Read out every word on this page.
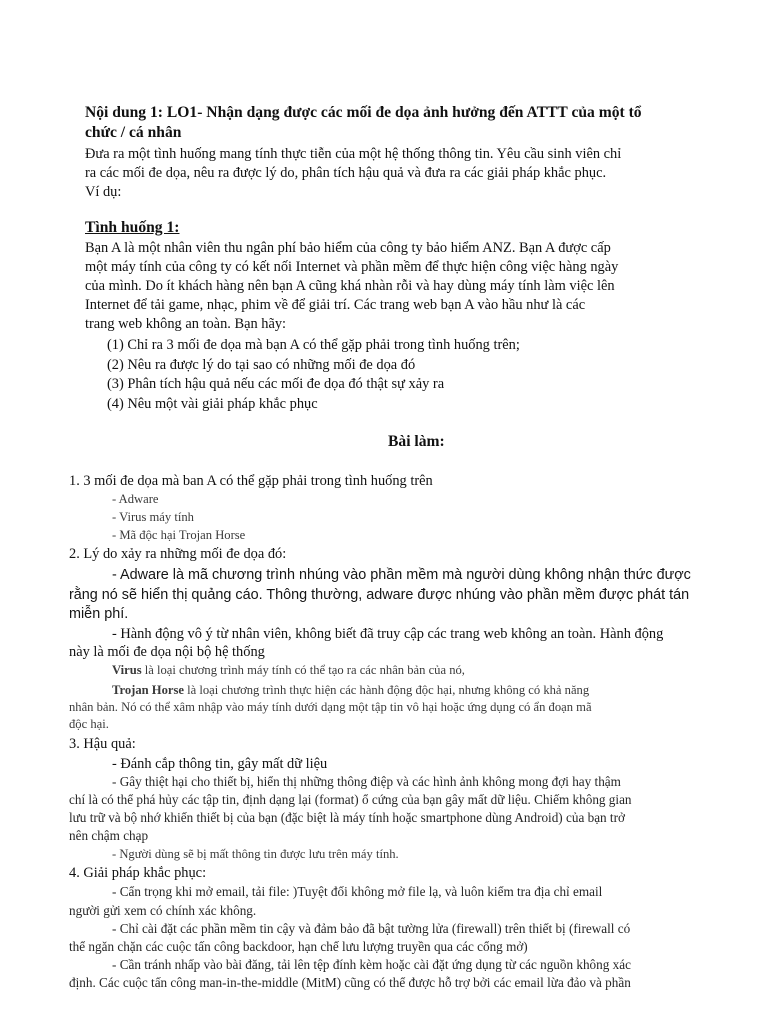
Nội dung 1: LO1- Nhận dạng được các mối đe dọa ảnh hưởng đến ATTT của một tổ
chức / cá nhân
Đưa ra một tình huống mang tính thực tiễn của một hệ thống thông tin. Yêu cầu sinh viên chỉ
ra các mối đe dọa, nêu ra được lý do, phân tích hậu quả và đưa ra các giải pháp khắc phục.
Ví dụ:
Tình huống 1:
Bạn A là một nhân viên thu ngân phí bảo hiểm của công ty bảo hiểm ANZ. Bạn A được cấp
một máy tính của công ty có kết nối Internet và phần mềm để thực hiện công việc hàng ngày
của mình. Do ít khách hàng nên bạn A cũng khá nhàn rỗi và hay dùng máy tính làm việc lên
Internet để tải game, nhạc, phim về để giải trí. Các trang web bạn A vào hầu như là các
trang web không an toàn. Bạn hãy:
(1) Chỉ ra 3 mối đe dọa mà bạn A có thể gặp phải trong tình huống trên;
(2) Nêu ra được lý do tại sao có những mối đe dọa đó
(3) Phân tích hậu quả nếu các mối đe dọa đó thật sự xảy ra
(4) Nêu một vài giải pháp khắc phục
Bài làm:
1. 3 mối đe dọa mà ban A có thể gặp phải trong tình huống trên
- Adware
- Virus máy tính
- Mã độc hại Trojan Horse
2. Lý do xảy ra những mối đe dọa đó:
- Adware là mã chương trình nhúng vào phần mềm mà người dùng không nhận thức được
rằng nó sẽ hiển thị quảng cáo. Thông thường, adware được nhúng vào phần mềm được phát tán
miễn phí.
- Hành động vô ý từ nhân viên, không biết đã truy cập các trang web không an toàn. Hành động
này là mối đe dọa nội bộ hệ thống
Virus là loại chương trình máy tính có thể tạo ra các nhân bản của nó,
Trojan Horse là loại chương trình thực hiện các hành động độc hại, nhưng không có khả năng
nhân bản. Nó có thể xâm nhập vào máy tính dưới dạng một tập tin vô hại hoặc ứng dụng có ẩn đoạn mã
độc hại.
3. Hậu quả:
- Đánh cắp thông tin, gây mất dữ liệu
- Gây thiệt hại cho thiết bị, hiển thị những thông điệp và các hình ảnh không mong đợi hay thậm
chí là có thể phá hủy các tập tin, định dạng lại (format) ổ cứng của bạn gây mất dữ liệu. Chiếm không gian
lưu trữ và bộ nhớ khiến thiết bị của bạn (đặc biệt là máy tính hoặc smartphone dùng Android) của bạn trở
nên chậm chạp
- Người dùng sẽ bị mất thông tin được lưu trên máy tính.
4. Giải pháp khắc phục:
- Cẩn trọng khi mở email, tải file: )Tuyệt đối không mở file lạ, và luôn kiểm tra địa chỉ email
người gửi xem có chính xác không.
- Chỉ cài đặt các phần mềm tin cậy và đảm bảo đã bật tường lửa (firewall) trên thiết bị (firewall có
thể ngăn chặn các cuộc tấn công backdoor, hạn chế lưu lượng truyền qua các cổng mở)
- Cần tránh nhấp vào bài đăng, tải lên tệp đính kèm hoặc cài đặt ứng dụng từ các nguồn không xác
định. Các cuộc tấn công man-in-the-middle (MitM) cũng có thể được hỗ trợ bởi các email lừa đảo và phần
